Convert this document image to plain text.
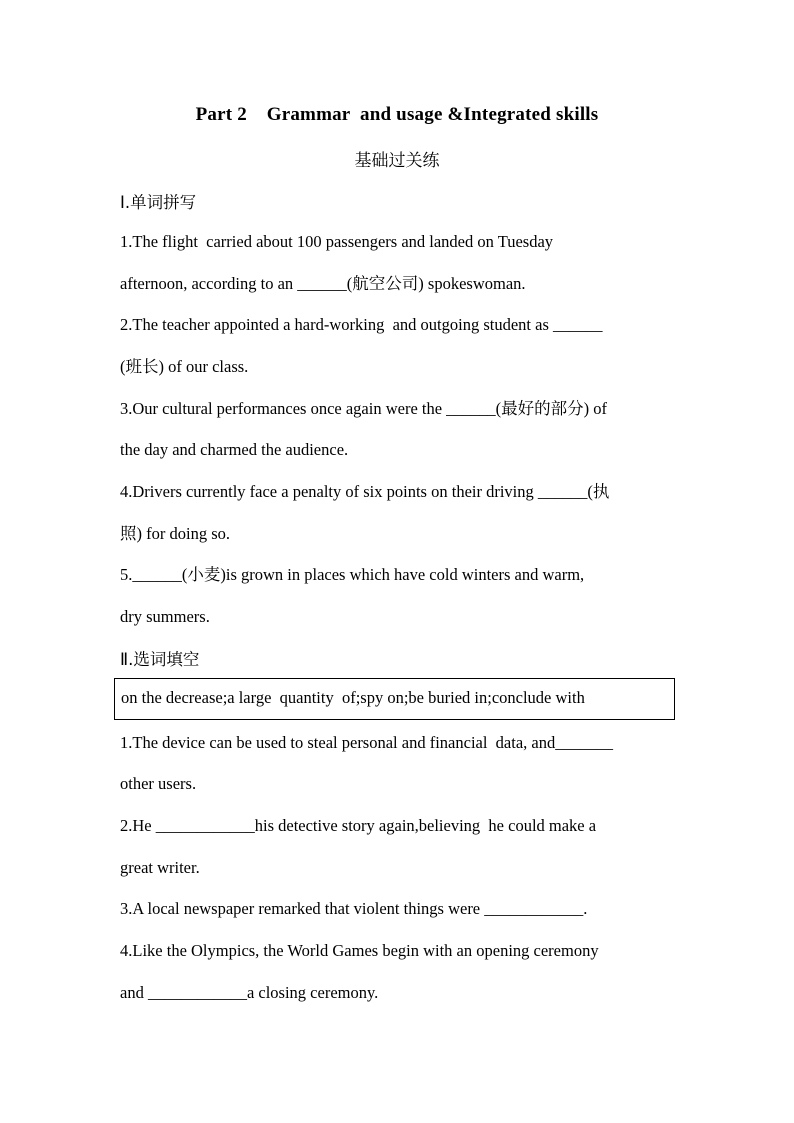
Part 2    Grammar  and usage &Integrated skills
基础过关练
Ⅰ.单词拼写
1.The flight  carried about 100 passengers and landed on Tuesday
afternoon, according to an ______(航空公司) spokeswoman.
2.The teacher appointed a hard-working  and outgoing student as ______
(班长) of our class.
3.Our cultural performances once again were the ______(最好的部分) of
the day and charmed the audience.
4.Drivers currently face a penalty of six points on their driving ______(执
照) for doing so.
5.______(小麦)is grown in places which have cold winters and warm,
dry summers.
Ⅱ.选词填空
on the decrease;a large  quantity  of;spy on;be buried in;conclude with
1.The device can be used to steal personal and financial  data, and_______
other users.
2.He ____________his detective story again,believing  he could make a
great writer.
3.A local newspaper remarked that violent things were ____________.
4.Like the Olympics, the World Games begin with an opening ceremony
and ____________a closing ceremony.
